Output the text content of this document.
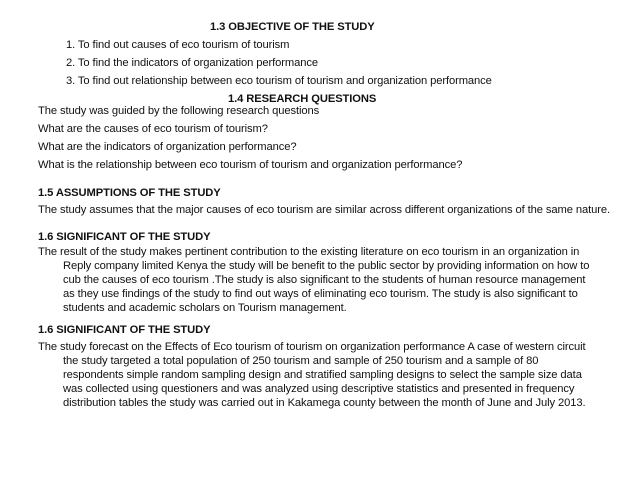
1.3 OBJECTIVE OF THE STUDY
1. To find out causes of eco tourism of tourism
2. To find the indicators of organization performance
3. To find out relationship between eco tourism of tourism and organization performance
1.4 RESEARCH QUESTIONS
The study was guided by the following research questions
What are the causes of eco tourism of tourism?
What are the indicators of organization performance?
What is the relationship between eco tourism of tourism and organization performance?
1.5 ASSUMPTIONS OF THE STUDY
The study assumes that the major causes of eco tourism are similar across different organizations of the same nature.
1.6 SIGNIFICANT OF THE STUDY
The result of the study makes pertinent contribution to the existing literature on eco tourism in an organization in Reply company limited Kenya the study will be benefit to the public sector by providing information on how to cub the causes of eco tourism .The study is also significant to the students of human resource management as they use findings of the study to find out ways of eliminating eco tourism. The study is also significant to students and academic scholars on Tourism management.
1.6 SIGNIFICANT OF THE STUDY
The study forecast on the Effects of Eco tourism of tourism on organization performance A case of western circuit the study targeted a total population of 250 tourism and sample of 250 tourism and a sample of 80 respondents simple random sampling design and stratified sampling designs to select the sample size data was collected using questioners and was analyzed using descriptive statistics and presented in frequency distribution tables the study was carried out in Kakamega county between the month of June and July 2013.
